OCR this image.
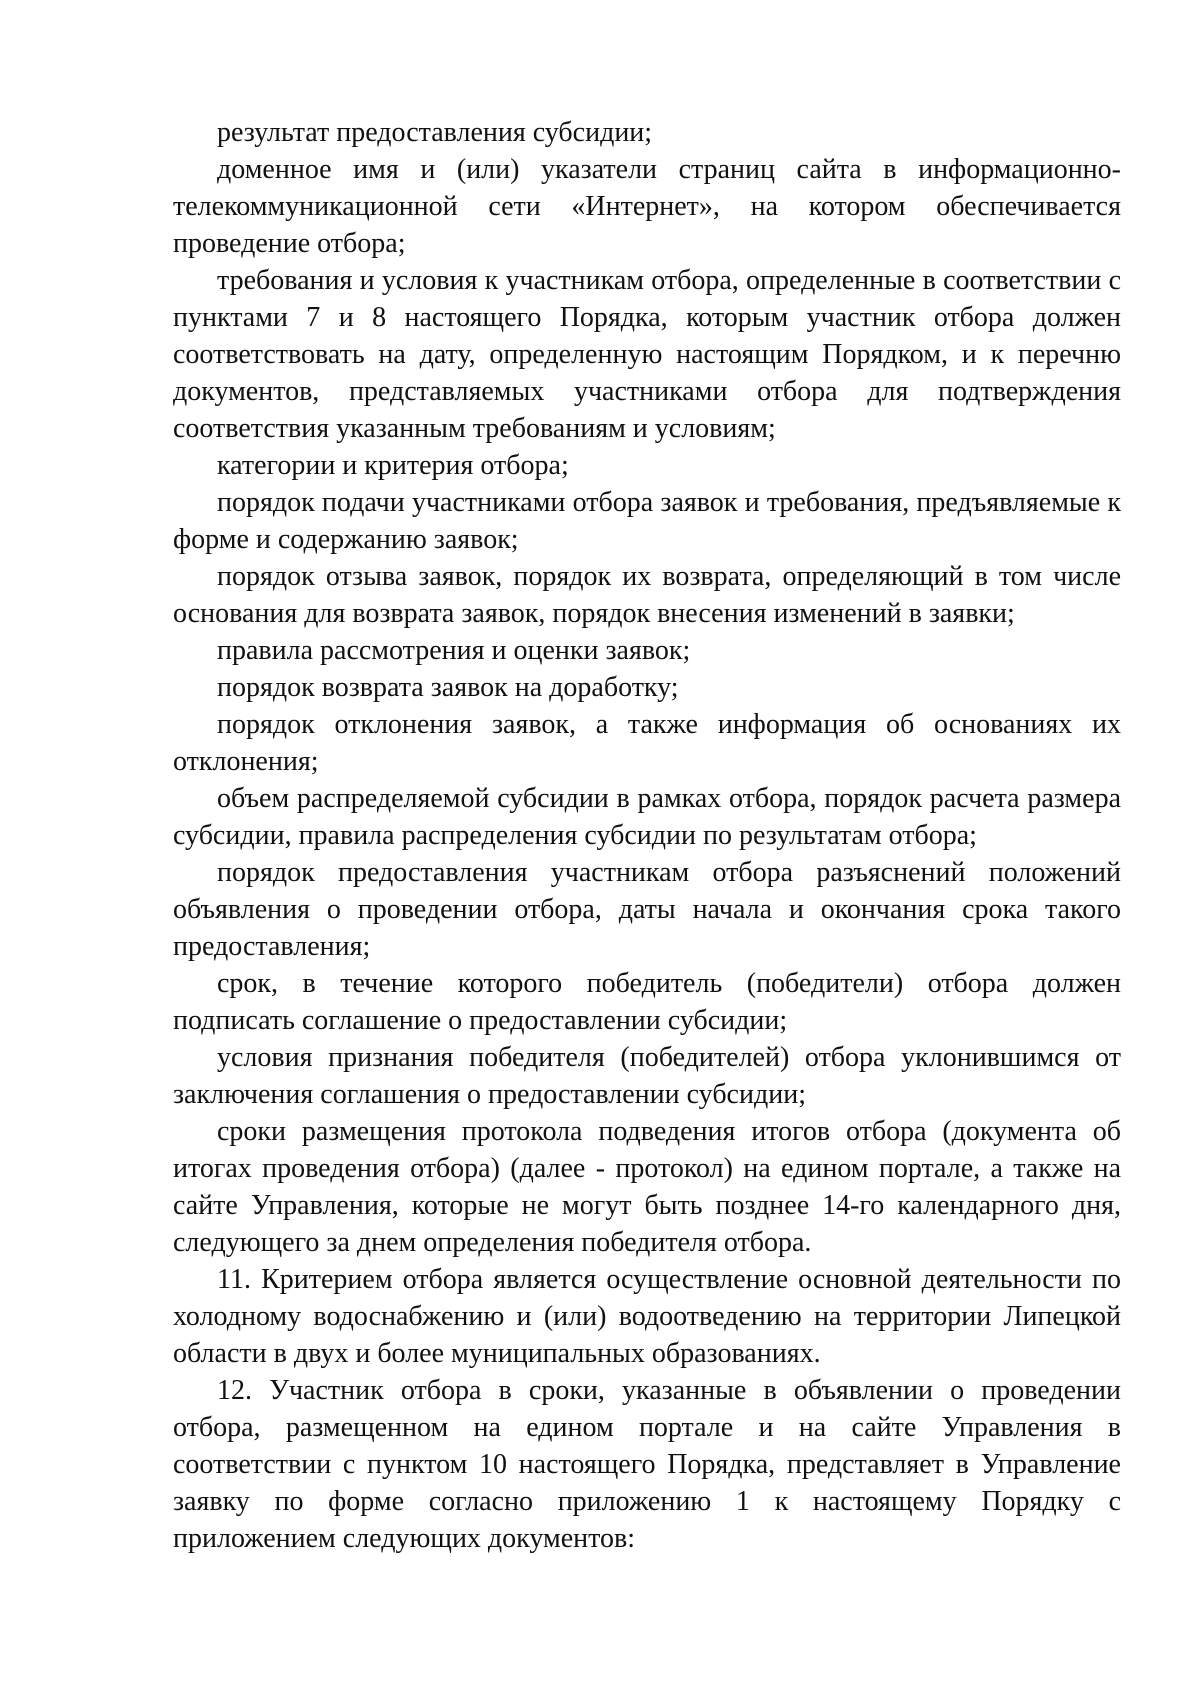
результат предоставления субсидии;

доменное имя и (или) указатели страниц сайта в информационно-телекоммуникационной сети «Интернет», на котором обеспечивается проведение отбора;

требования и условия к участникам отбора, определенные в соответствии с пунктами 7 и 8 настоящего Порядка, которым участник отбора должен соответствовать на дату, определенную настоящим Порядком, и к перечню документов, представляемых участниками отбора для подтверждения соответствия указанным требованиям и условиям;

категории и критерия отбора;

порядок подачи участниками отбора заявок и требования, предъявляемые к форме и содержанию заявок;

порядок отзыва заявок, порядок их возврата, определяющий в том числе основания для возврата заявок, порядок внесения изменений в заявки;

правила рассмотрения и оценки заявок;

порядок возврата заявок на доработку;

порядок отклонения заявок, а также информация об основаниях их отклонения;

объем распределяемой субсидии в рамках отбора, порядок расчета размера субсидии, правила распределения субсидии по результатам отбора;

порядок предоставления участникам отбора разъяснений положений объявления о проведении отбора, даты начала и окончания срока такого предоставления;

срок, в течение которого победитель (победители) отбора должен подписать соглашение о предоставлении субсидии;

условия признания победителя (победителей) отбора уклонившимся от заключения соглашения о предоставлении субсидии;

сроки размещения протокола подведения итогов отбора (документа об итогах проведения отбора) (далее - протокол) на едином портале, а также на сайте Управления, которые не могут быть позднее 14-го календарного дня, следующего за днем определения победителя отбора.

11. Критерием отбора является осуществление основной деятельности по холодному водоснабжению и (или) водоотведению на территории Липецкой области в двух и более муниципальных образованиях.

12. Участник отбора в сроки, указанные в объявлении о проведении отбора, размещенном на едином портале и на сайте Управления в соответствии с пунктом 10 настоящего Порядка, представляет в Управление заявку по форме согласно приложению 1 к настоящему Порядку с приложением следующих документов:
